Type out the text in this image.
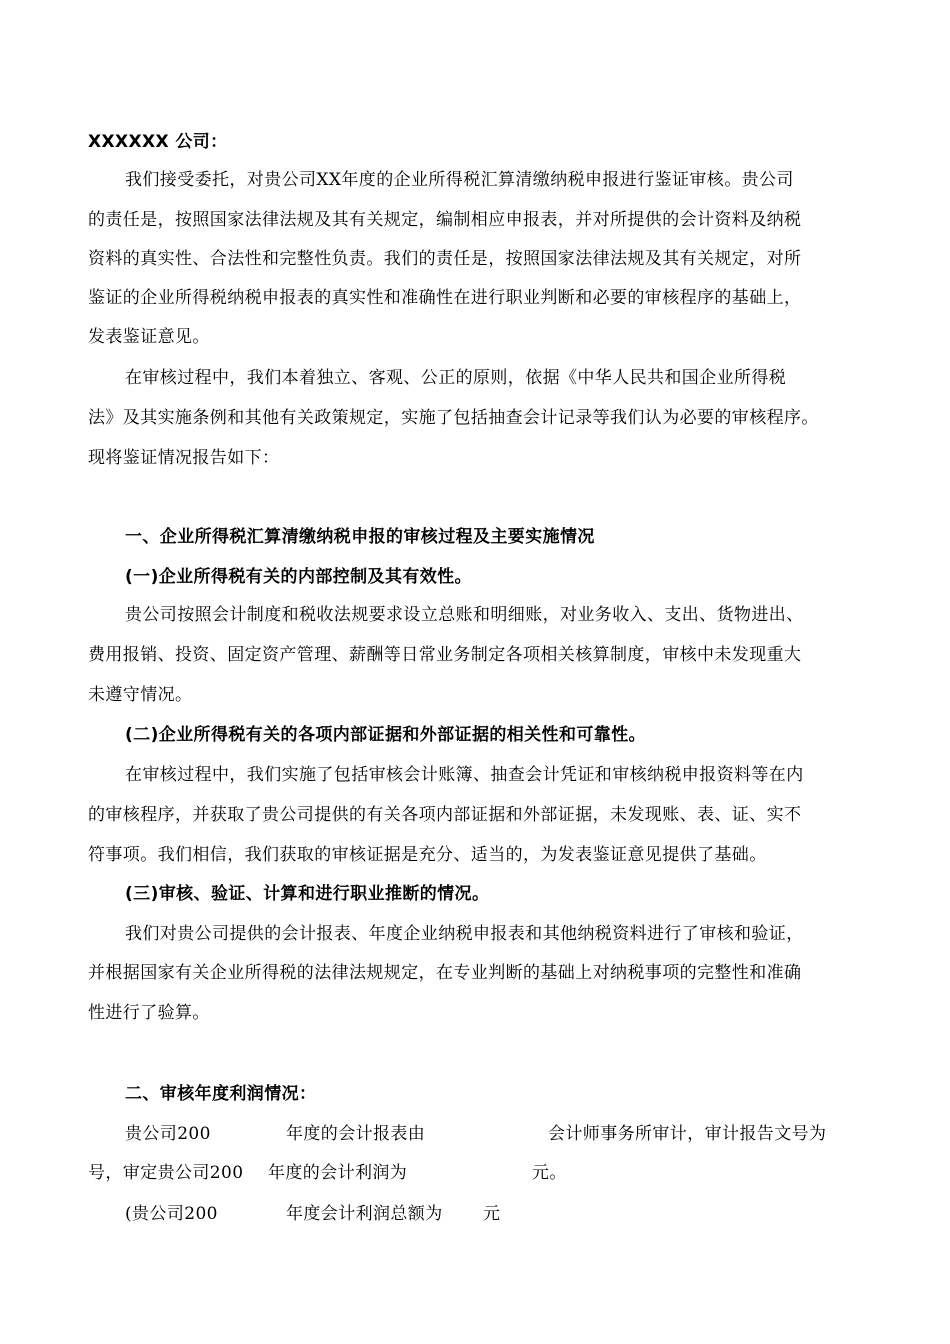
XXXXXX 公司：
我们接受委托，对贵公司XX年度的企业所得税汇算清缴纳税申报进行鉴证审核。贵公司
的责任是，按照国家法律法规及其有关规定，编制相应申报表，并对所提供的会计资料及纳税
资料的真实性、合法性和完整性负责。我们的责任是，按照国家法律法规及其有关规定，对所
鉴证的企业所得税纳税申报表的真实性和准确性在进行职业判断和必要的审核程序的基础上，
发表鉴证意见。
在审核过程中，我们本着独立、客观、公正的原则，依据《中华人民共和国企业所得税
法》及其实施条例和其他有关政策规定，实施了包括抽查会计记录等我们认为必要的审核程序。
现将鉴证情况报告如下：
一、企业所得税汇算清缴纳税申报的审核过程及主要实施情况
(一)企业所得税有关的内部控制及其有效性。
贵公司按照会计制度和税收法规要求设立总账和明细账，对业务收入、支出、货物进出、
费用报销、投资、固定资产管理、薪酬等日常业务制定各项相关核算制度，审核中未发现重大
未遵守情况。
(二)企业所得税有关的各项内部证据和外部证据的相关性和可靠性。
在审核过程中，我们实施了包括审核会计账簿、抽查会计凭证和审核纳税申报资料等在内
的审核程序，并获取了贵公司提供的有关各项内部证据和外部证据，未发现账、表、证、实不
符事项。我们相信，我们获取的审核证据是充分、适当的，为发表鉴证意见提供了基础。
(三)审核、验证、计算和进行职业推断的情况。
我们对贵公司提供的会计报表、年度企业纳税申报表和其他纳税资料进行了审核和验证，
并根据国家有关企业所得税的法律法规规定，在专业判断的基础上对纳税事项的完整性和准确
性进行了验算。
二、审核年度利润情况：
贵公司200	年度的会计报表由	会计师事务所审计，审计报告文号为
号，审定贵公司200 年度的会计利润为	元。
(贵公司200	年度会计利润总额为 元
